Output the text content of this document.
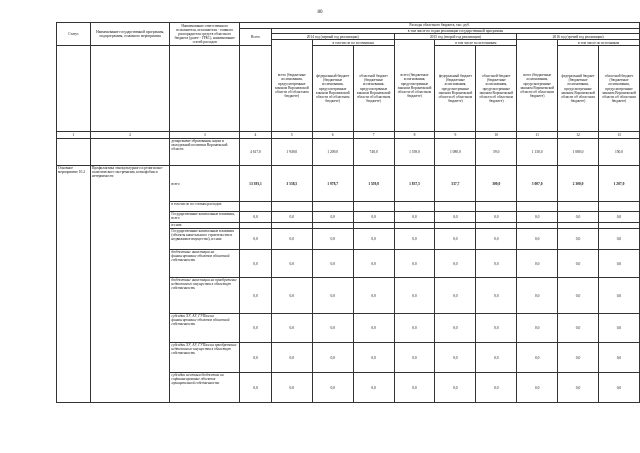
80
Статус	Наименование государственной программы, подпрограммы, основного мероприятия	Наименование ответственного исполнителя, исполнителя - главного распорядителя средств областного бюджета (далее - ГРБС), наименование статей расходов	Расходы областного бюджета, тыс. руб.									
			Всего	в том числе по годам реализации государственной программы								
				2014 год (первый год реализации)			2015 год (второй год реализации)			2016 год (третий год реализации)		
				всего (бюджетные ассигнования, предусмотренные законом Воронежской области об областном бюджете)	в том числе по источникам		всего (бюджетные ассигнования, предусмотренные законом Воронежской области об областном бюджете)	в том числе по источникам		всего (бюджетные ассигнования, предусмотренные законом Воронежской области об областном бюджете)	в том числе по источникам	
					федеральный бюджет (бюджетные ассигнования, предусмотренные законом Воронежской области об областном бюджете)	областной бюджет (бюджетные ассигнования, предусмотренные законом Воронежской области об областном бюджете)		федеральный бюджет (бюджетные ассигнования, предусмотренные законом Воронежской области об областном бюджете)	областной бюджет (бюджетные ассигнования, предусмотренные законом Воронежской области об областном бюджете)		федеральный бюджет (бюджетные ассигнования, предусмотренные законом Воронежской области об областном бюджете)	областной бюджет (бюджетные ассигнования, предусмотренные законом Воронежской области об областном бюджете)
1	2	3	4	5	6	7	8	9	10	11	12	13
		департамент образования, науки и молодежной политики Воронежской области	4 617,0	1 949,0	1 209,0	740,0	1 539,0	1 080,0	59,0	1 130,0	1 080,0	150,0
Основное мероприятие 10.2	Профилактика этнокультурного и религиозно-политического экстремизма, ксенофобии и нетерпимости	всего	13 393,1	3 538,5	1 978,7	1 559,8	1 837,5	537,7	300,0	3 007,0	2 300,0	1 207,0
		в том числе по статьям расходов:										
		Государственные капитальные вложения, всего	0,0	0,0	0,0	0,0	0,0	0,0	0,0	0,0	0,0	0,0
		из них:										
		Государственные капитальные вложения (объекты капитального строительства и недвижимое имущество), из них:	0,0	0,0	0,0	0,0	0,0	0,0	0,0	0,0	0,0	0,0
		бюджетные инвестиции на финансирование объектов областной собственности	0,0	0,0	0,0	0,0	0,0	0,0	0,0	0,0	0,0	0,0
		бюджетные инвестиции на приобретение недвижимого имущества в областную собственность	0,0	0,0	0,0	0,0	0,0	0,0	0,0	0,0	0,0	0,0
		субсидии ХУ, АУ, ГУПам на финансирование объектов областной собственности	0,0	0,0	0,0	0,0	0,0	0,0	0,0	0,0	0,0	0,0
		субсидии ХУ, АУ, ГУПам на приобретение недвижимого имущества в областную собственность	0,0	0,0	0,0	0,0	0,0	0,0	0,0	0,0	0,0	0,0
		субсидии местным бюджетам на софинансирование объектов муниципальной собственности	0,0	0,0	0,0	0,0	0,0	0,0	0,0	0,0	0,0	0,0
